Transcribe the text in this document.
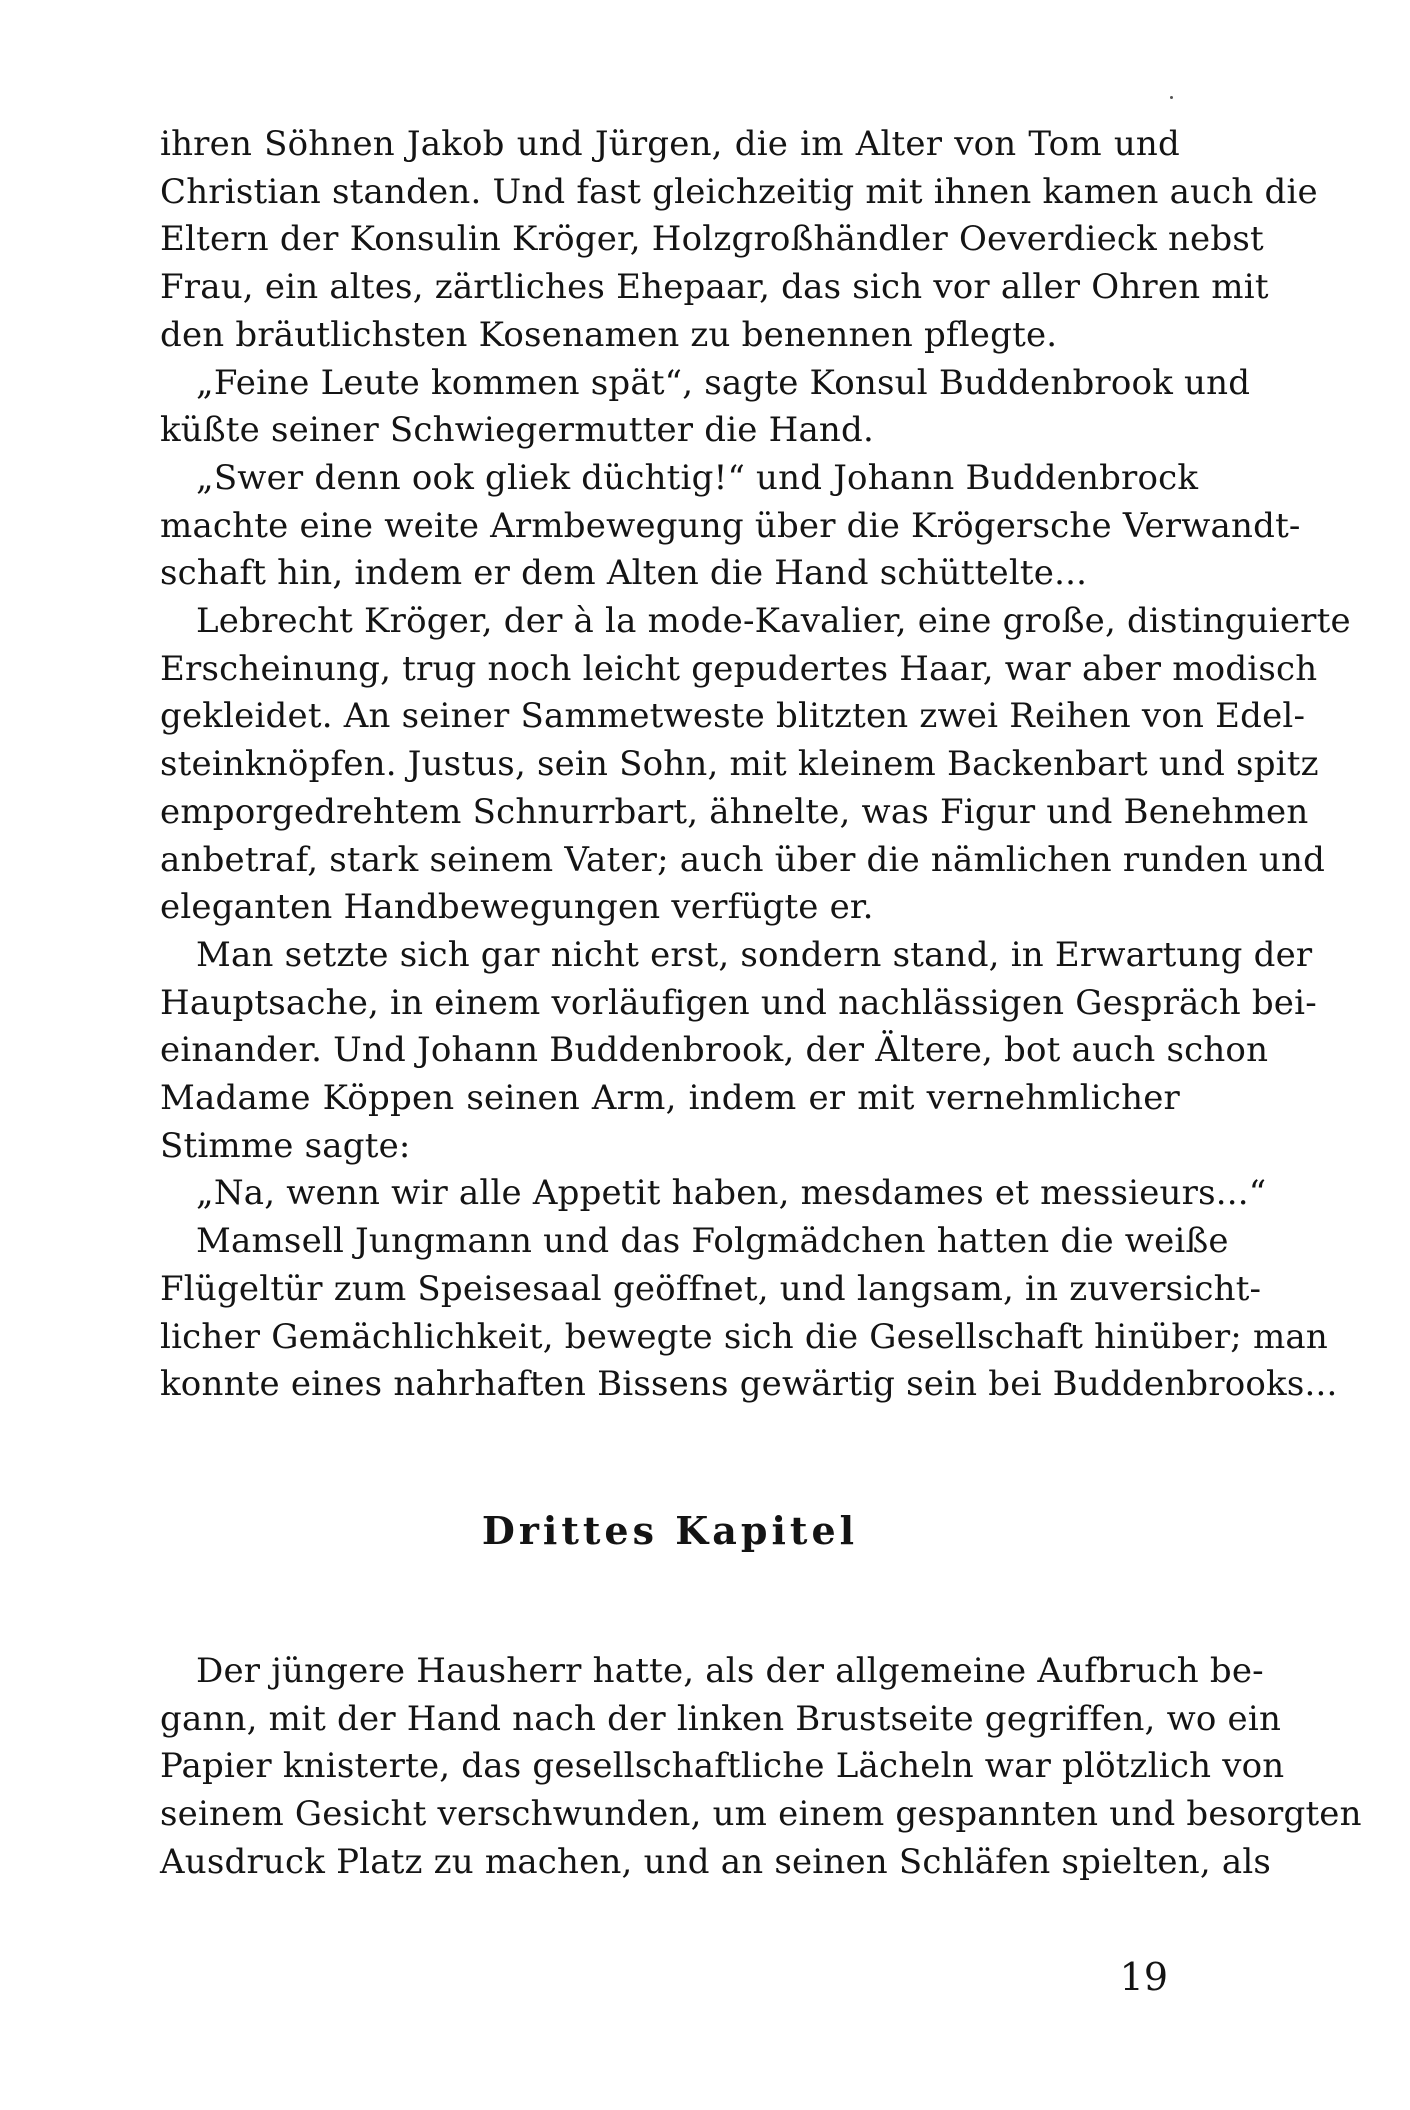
ihren Söhnen Jakob und Jürgen, die im Alter von Tom und
Christian standen. Und fast gleichzeitig mit ihnen kamen auch die
Eltern der Konsulin Kröger, Holzgroßhändler Oeverdieck nebst
Frau, ein altes, zärtliches Ehepaar, das sich vor aller Ohren mit
den bräutlichsten Kosenamen zu benennen pflegte.
„Feine Leute kommen spät“, sagte Konsul Buddenbrook und
küßte seiner Schwiegermutter die Hand.
„Swer denn ook gliek düchtig!“ und Johann Buddenbrock
machte eine weite Armbewegung über die Krögersche Verwandt-
schaft hin, indem er dem Alten die Hand schüttelte...
Lebrecht Kröger, der à la mode-Kavalier, eine große, distinguierte
Erscheinung, trug noch leicht gepudertes Haar, war aber modisch
gekleidet. An seiner Sammetweste blitzten zwei Reihen von Edel-
steinknöpfen. Justus, sein Sohn, mit kleinem Backenbart und spitz
emporgedrehtem Schnurrbart, ähnelte, was Figur und Benehmen
anbetraf, stark seinem Vater; auch über die nämlichen runden und
eleganten Handbewegungen verfügte er.
Man setzte sich gar nicht erst, sondern stand, in Erwartung der
Hauptsache, in einem vorläufigen und nachlässigen Gespräch bei-
einander. Und Johann Buddenbrook, der Ältere, bot auch schon
Madame Köppen seinen Arm, indem er mit vernehmlicher
Stimme sagte:
„Na, wenn wir alle Appetit haben, mesdames et messieurs...“
Mamsell Jungmann und das Folgmädchen hatten die weiße
Flügeltür zum Speisesaal geöffnet, und langsam, in zuversicht-
licher Gemächlichkeit, bewegte sich die Gesellschaft hinüber; man
konnte eines nahrhaften Bissens gewärtig sein bei Buddenbrooks...
Drittes Kapitel
Der jüngere Hausherr hatte, als der allgemeine Aufbruch be-
gann, mit der Hand nach der linken Brustseite gegriffen, wo ein
Papier knisterte, das gesellschaftliche Lächeln war plötzlich von
seinem Gesicht verschwunden, um einem gespannten und besorgten
Ausdruck Platz zu machen, und an seinen Schläfen spielten, als
19
